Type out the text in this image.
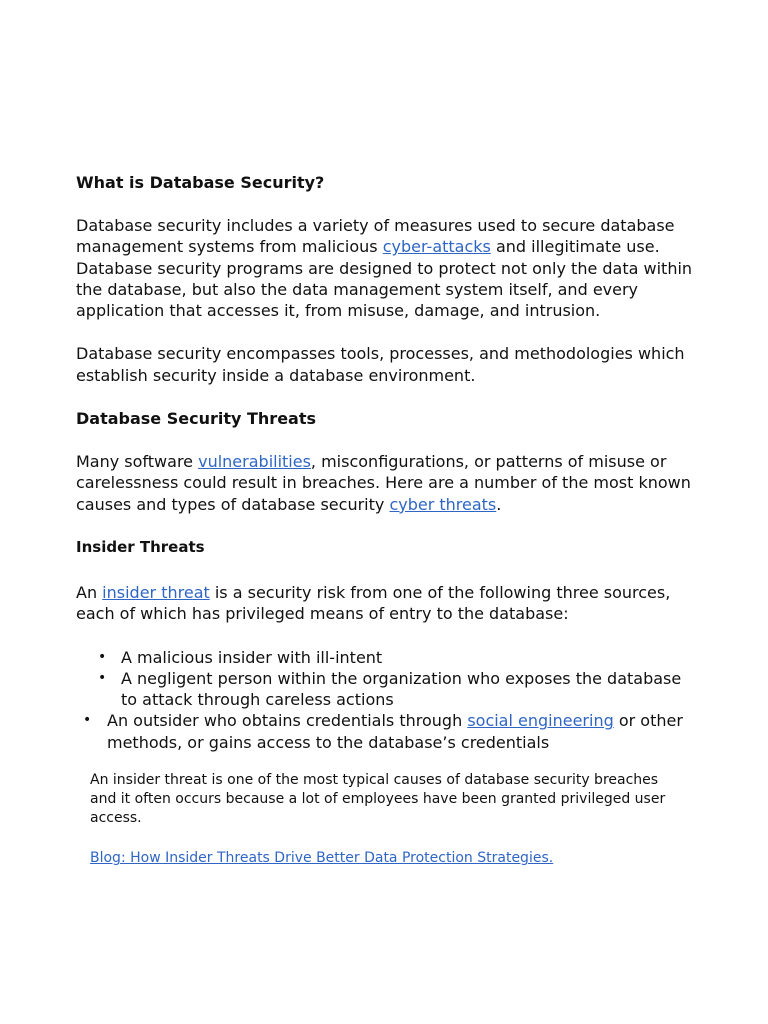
What is Database Security?

Database security includes a variety of measures used to secure database management systems from malicious cyber-attacks and illegitimate use. Database security programs are designed to protect not only the data within the database, but also the data management system itself, and every application that accesses it, from misuse, damage, and intrusion.

Database security encompasses tools, processes, and methodologies which establish security inside a database environment.

Database Security Threats

Many software vulnerabilities, misconfigurations, or patterns of misuse or carelessness could result in breaches. Here are a number of the most known causes and types of database security cyber threats.

Insider Threats

An insider threat is a security risk from one of the following three sources, each of which has privileged means of entry to the database:

• A malicious insider with ill-intent
• A negligent person within the organization who exposes the database to attack through careless actions
• An outsider who obtains credentials through social engineering or other methods, or gains access to the database’s credentials

An insider threat is one of the most typical causes of database security breaches and it often occurs because a lot of employees have been granted privileged user access.

Blog: How Insider Threats Drive Better Data Protection Strategies.
